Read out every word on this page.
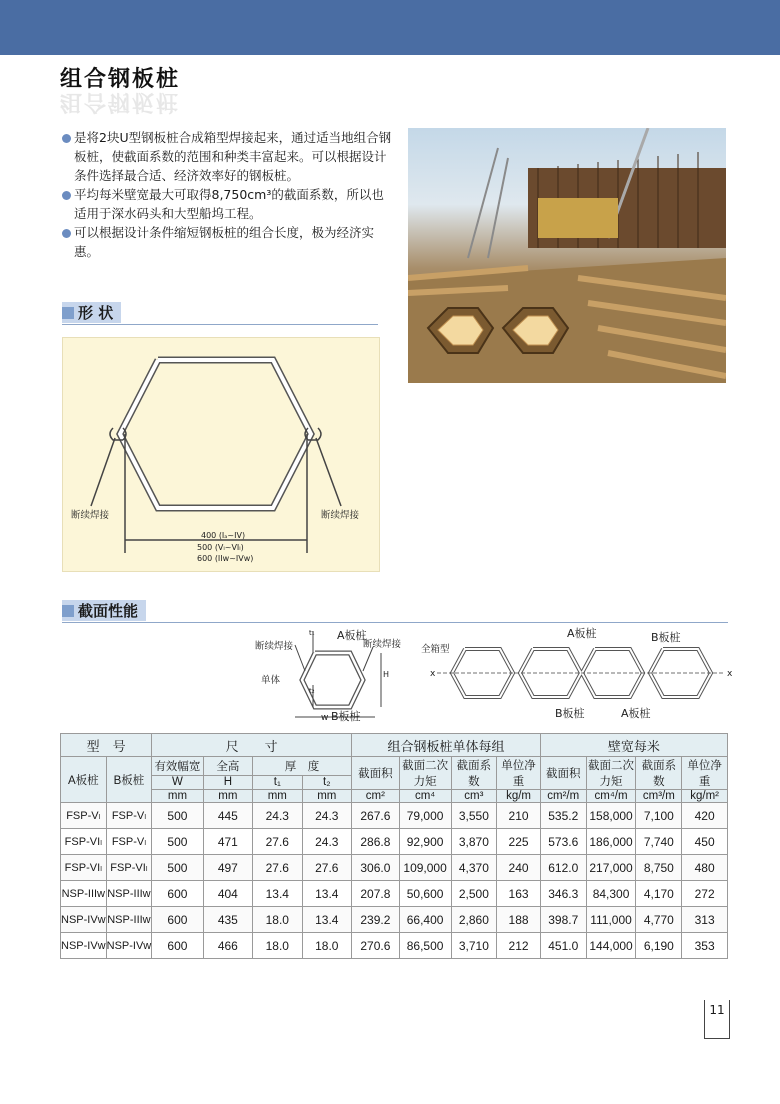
组合钢板桩
组合钢板桩

是将2块U型钢板桩合成箱型焊接起来，通过适当地组合钢板桩，使截面系数的范围和种类丰富起来。可以根据设计条件选择最合适、经济效率好的钢板桩。

平均每米壁宽最大可取得8,750cm³的截面系数，所以也适用于深水码头和大型船坞工程。

可以根据设计条件缩短钢板桩的组合长度，极为经济实惠。

形 状
断续焊接	断续焊接
400 (Iₐ~IV)
500 (Vₗ~VIₗ)
600 (IIw~IVw)
截面性能
断续焊接	断续焊接
A板桩
B板桩
单体
w
H
t₁
t₂
全箱型
x	x
A板桩	B板桩
B板桩	A板桩
型　号		尺　　寸				组合钢板桩单体每组				壁宽每米			
A板桩	B板桩	有效幅宽	全高	厚　度		截面积	截面二次力矩	截面系数	单位净重	截面积	截面二次力矩	截面系数	单位净重
		W	H	t₁	t₂								
		mm	mm	mm	mm	cm²	cm⁴	cm³	kg/m	cm²/m	cm⁴/m	cm³/m	kg/m²
FSP-Vₗ	FSP-Vₗ	500	445	24.3	24.3	267.6	79,000	3,550	210	535.2	158,000	7,100	420
FSP-VIₗ	FSP-Vₗ	500	471	27.6	24.3	286.8	92,900	3,870	225	573.6	186,000	7,740	450
FSP-VIₗ	FSP-VIₗ	500	497	27.6	27.6	306.0	109,000	4,370	240	612.0	217,000	8,750	480
NSP-IIIw	NSP-IIIw	600	404	13.4	13.4	207.8	50,600	2,500	163	346.3	84,300	4,170	272
NSP-IVw	NSP-IIIw	600	435	18.0	13.4	239.2	66,400	2,860	188	398.7	111,000	4,770	313
NSP-IVw	NSP-IVw	600	466	18.0	18.0	270.6	86,500	3,710	212	451.0	144,000	6,190	353
11
